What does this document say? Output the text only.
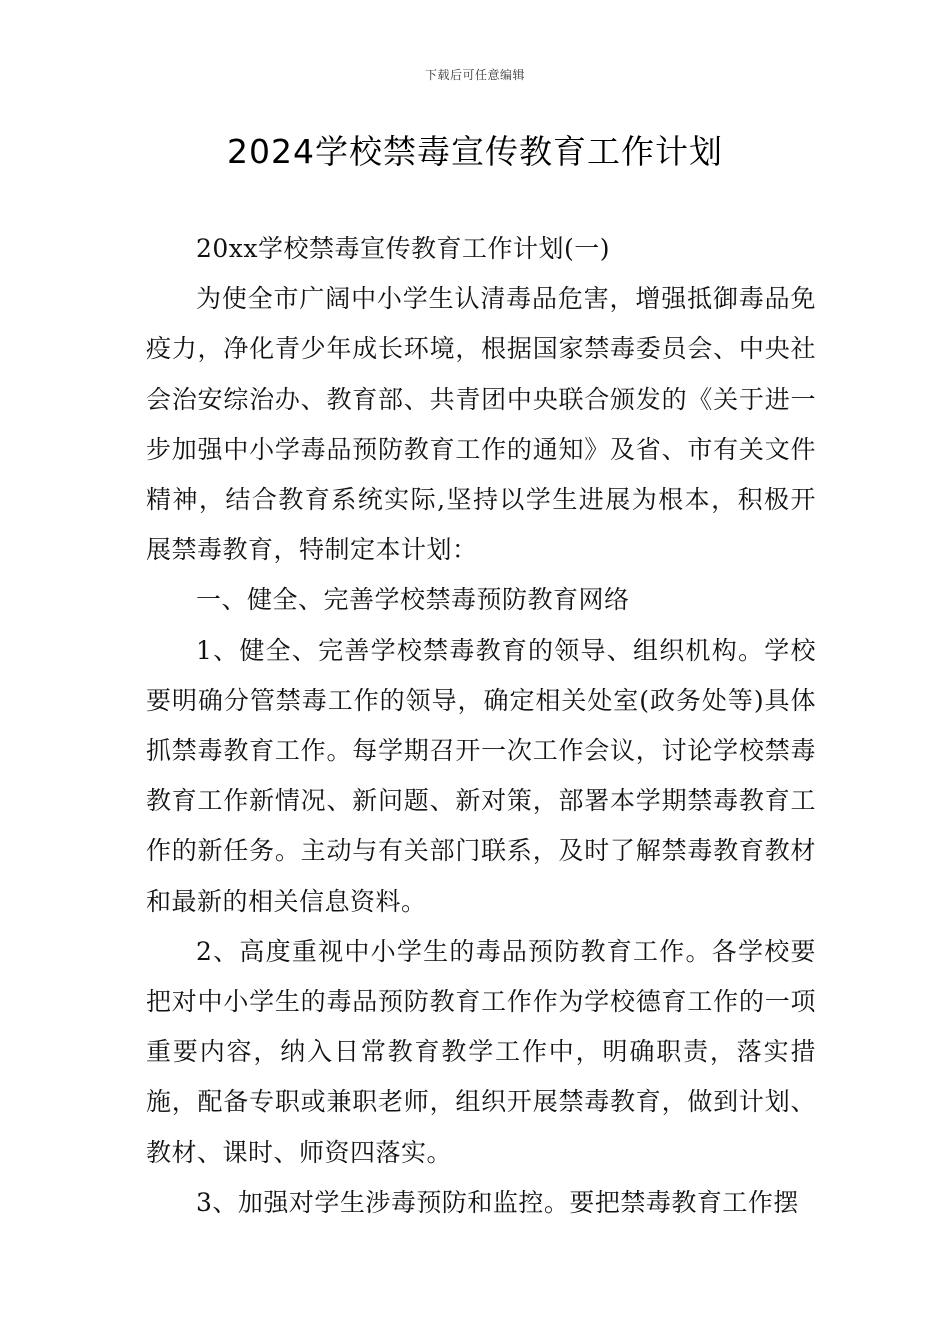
下载后可任意编辑
2024学校禁毒宣传教育工作计划

20xx学校禁毒宣传教育工作计划(一)

为使全市广阔中小学生认清毒品危害，增强抵御毒品免疫力，净化青少年成长环境，根据国家禁毒委员会、中央社会治安综治办、教育部、共青团中央联合颁发的《关于进一步加强中小学毒品预防教育工作的通知》及省、市有关文件精神，结合教育系统实际,坚持以学生进展为根本，积极开展禁毒教育，特制定本计划：

一、健全、完善学校禁毒预防教育网络

1、健全、完善学校禁毒教育的领导、组织机构。学校要明确分管禁毒工作的领导，确定相关处室(政务处等)具体抓禁毒教育工作。每学期召开一次工作会议，讨论学校禁毒教育工作新情况、新问题、新对策，部署本学期禁毒教育工作的新任务。主动与有关部门联系，及时了解禁毒教育教材和最新的相关信息资料。

2、高度重视中小学生的毒品预防教育工作。各学校要把对中小学生的毒品预防教育工作作为学校德育工作的一项重要内容，纳入日常教育教学工作中，明确职责，落实措施，配备专职或兼职老师，组织开展禁毒教育，做到计划、教材、课时、师资四落实。

3、加强对学生涉毒预防和监控。要把禁毒教育工作摆
